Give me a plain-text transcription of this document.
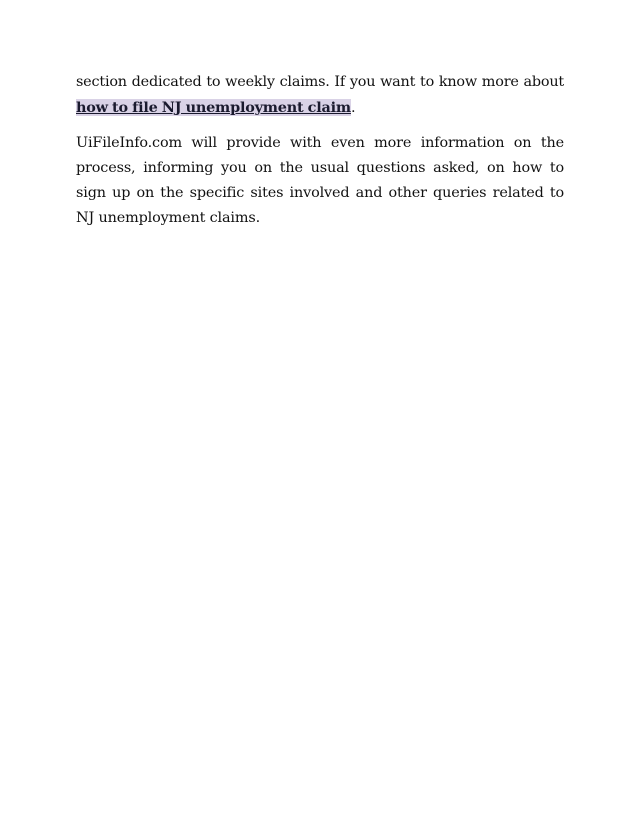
section dedicated to weekly claims. If you want to know more about how to file NJ unemployment claim.

UiFileInfo.com will provide with even more information on the process, informing you on the usual questions asked, on how to sign up on the specific sites involved and other queries related to NJ unemployment claims.
